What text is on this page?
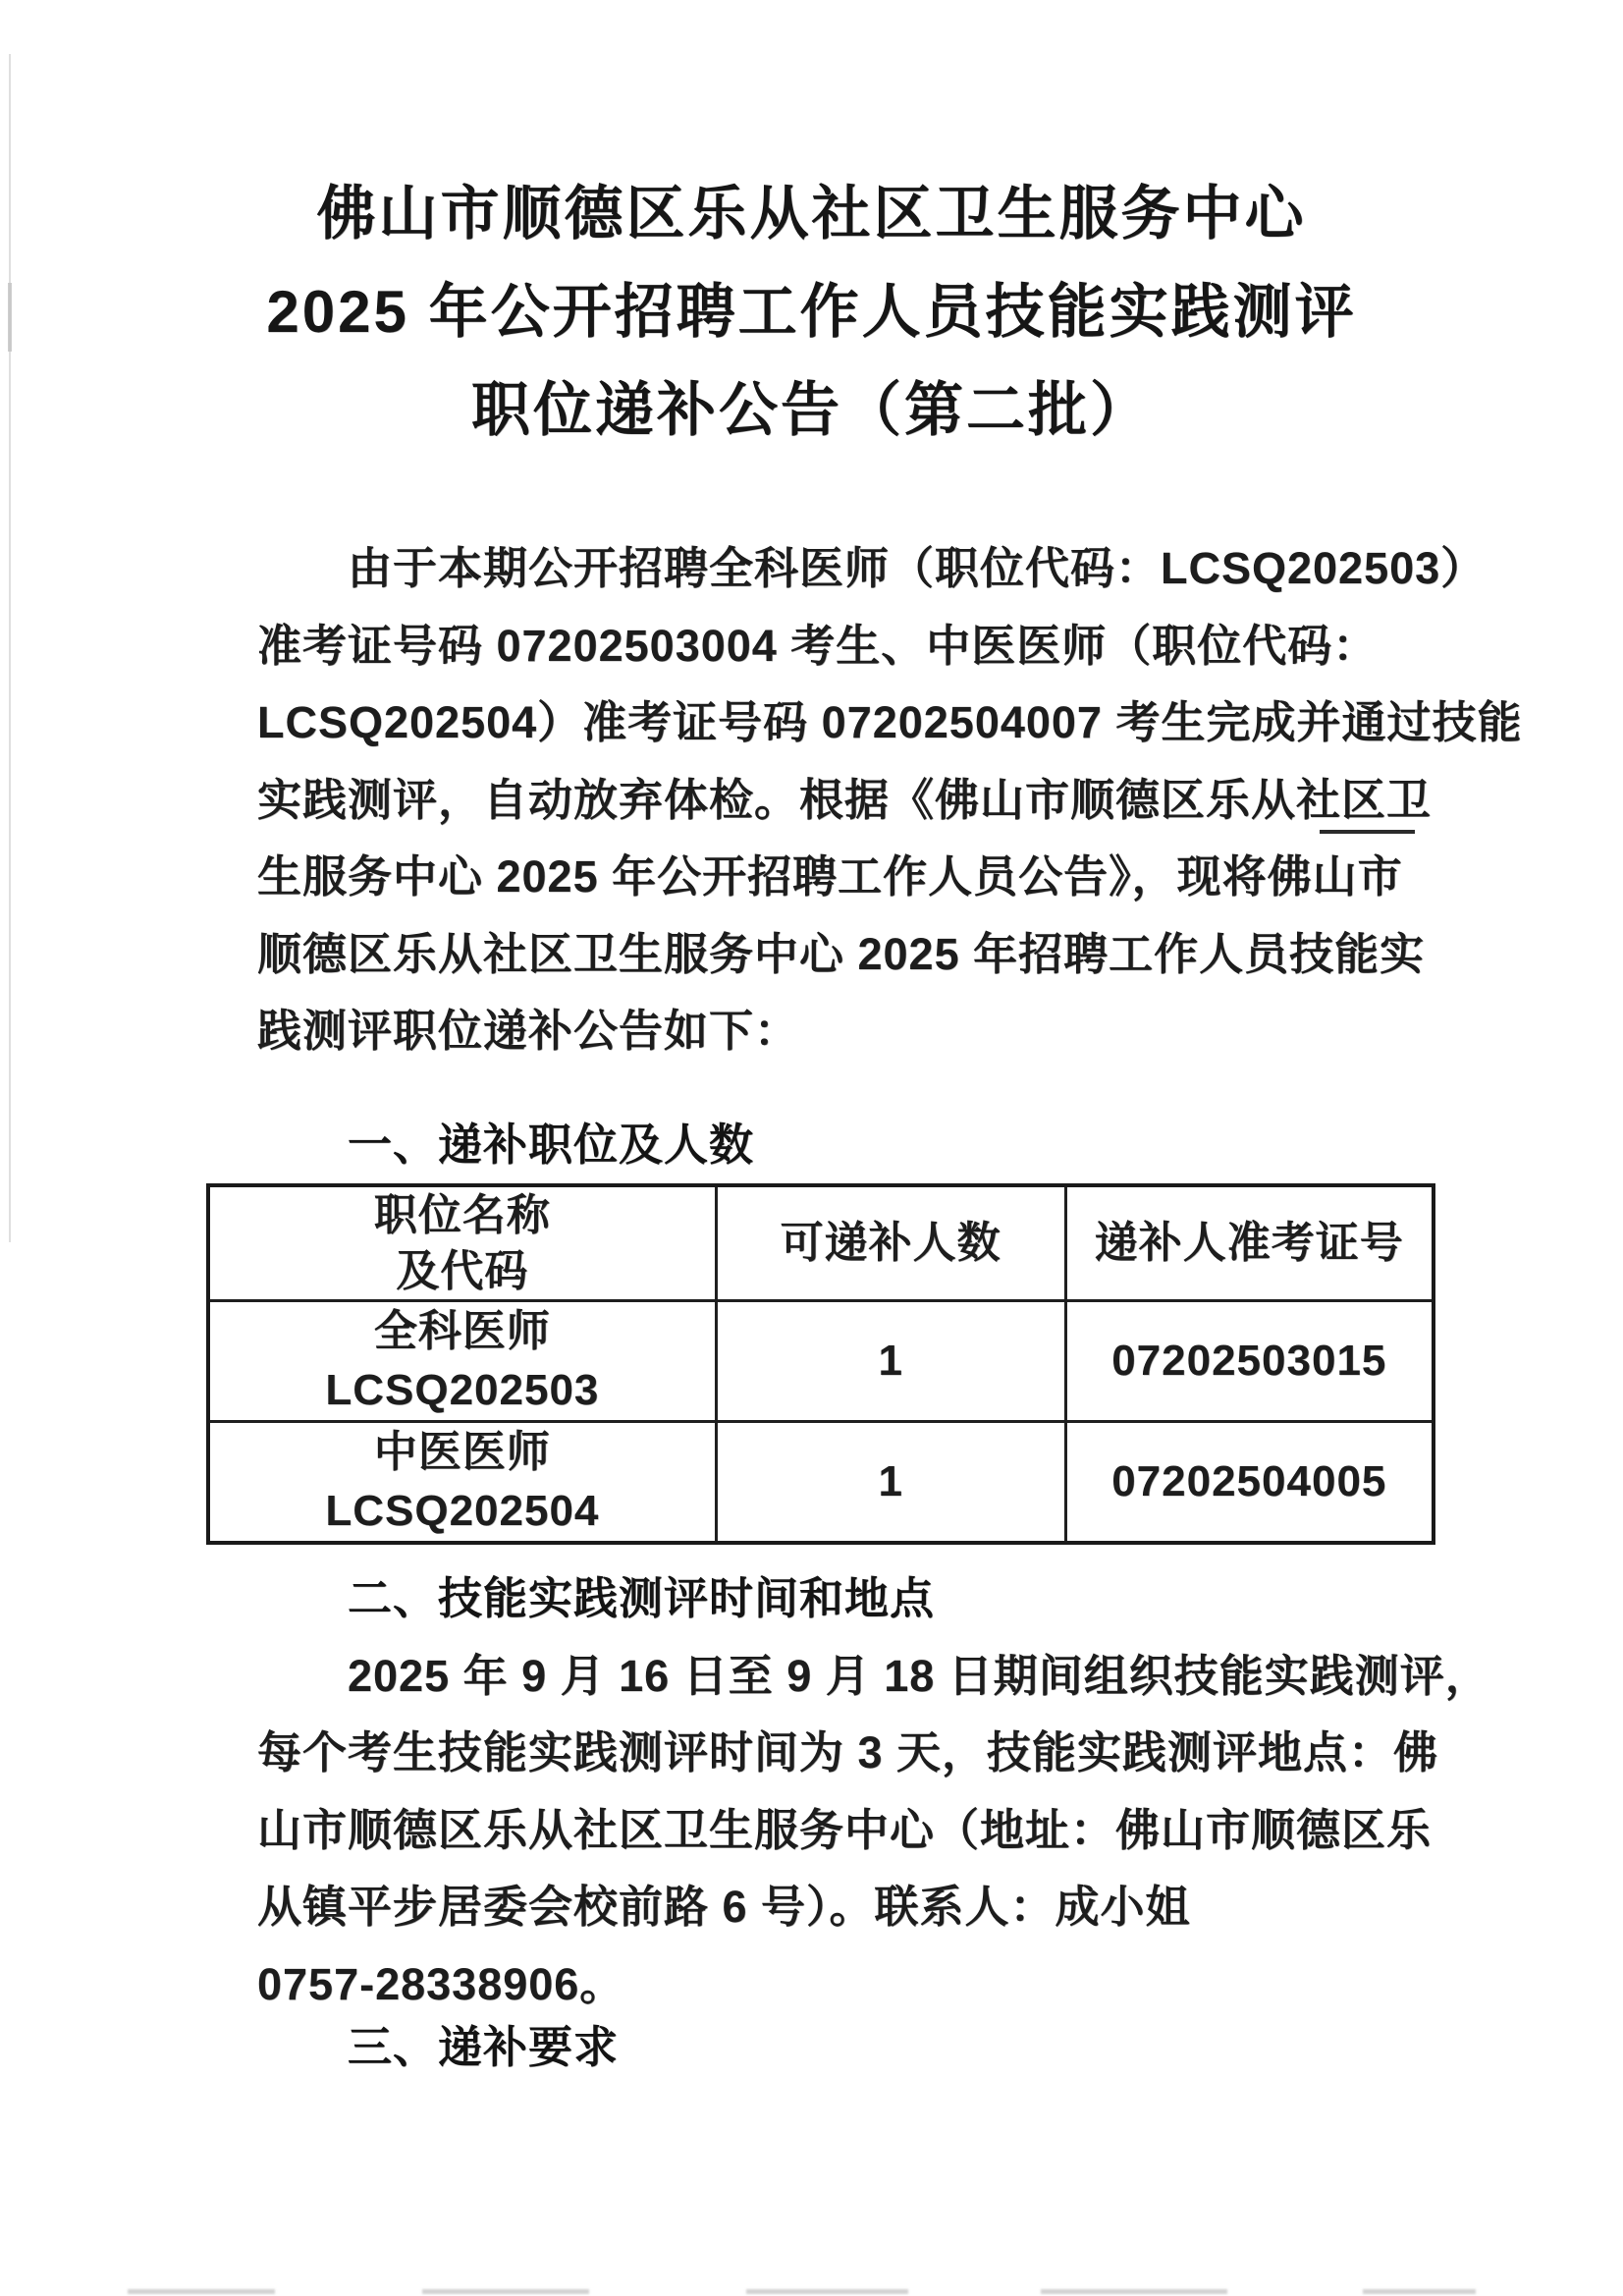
佛山市顺德区乐从社区卫生服务中心
2025 年公开招聘工作人员技能实践测评
职位递补公告（第二批）
由于本期公开招聘全科医师（职位代码：LCSQ202503）
准考证号码 07202503004 考生、中医医师（职位代码：
LCSQ202504）准考证号码 07202504007 考生完成并通过技能
实践测评，自动放弃体检。根据《佛山市顺德区乐从社区卫
生服务中心 2025 年公开招聘工作人员公告》，现将佛山市
顺德区乐从社区卫生服务中心 2025 年招聘工作人员技能实
践测评职位递补公告如下：
一、递补职位及人数
职位名称
及代码	可递补人数	递补人准考证号

全科医师
LCSQ202503	1	07202503015

中医医师
LCSQ202504	1	07202504005
二、技能实践测评时间和地点
2025 年 9 月 16 日至 9 月 18 日期间组织技能实践测评，
每个考生技能实践测评时间为 3 天，技能实践测评地点：佛
山市顺德区乐从社区卫生服务中心（地址：佛山市顺德区乐
从镇平步居委会校前路 6 号）。联系人：成小姐
0757-28338906。
三、递补要求
